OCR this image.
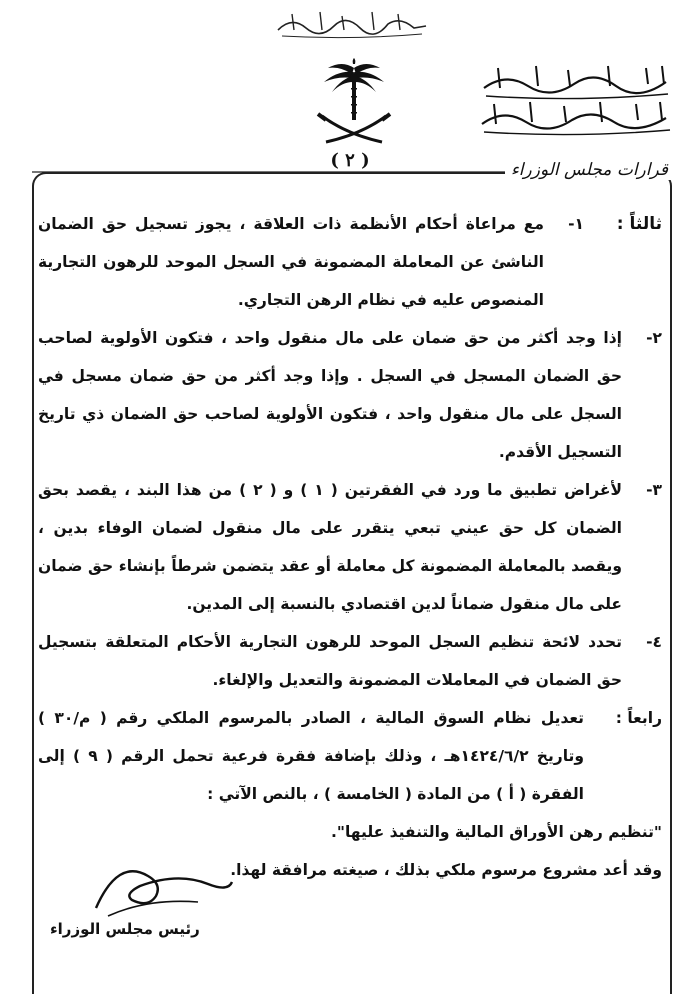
( ٢ )	قرارات مجلس الوزراء
ثالثاً :
١-
مع مراعاة أحكام الأنظمة ذات العلاقة ، يجوز تسجيل حق الضمان الناشئ عن المعاملة المضمونة في السجل الموحد للرهون التجارية المنصوص عليه في نظام الرهن التجاري.
٢-
إذا وجد أكثر من حق ضمان على مال منقول واحد ، فتكون الأولوية لصاحب حق الضمان المسجل في السجل . وإذا وجد أكثر من حق ضمان مسجل في السجل على مال منقول واحد ، فتكون الأولوية لصاحب حق الضمان ذي تاريخ التسجيل الأقدم.
٣-
لأغراض تطبيق ما ورد في الفقرتين ( ١ ) و ( ٢ ) من هذا البند ، يقصد بحق الضمان كل حق عيني تبعي يتقرر على مال منقول لضمان الوفاء بدين ، ويقصد بالمعاملة المضمونة كل معاملة أو عقد يتضمن شرطاً بإنشاء حق ضمان على مال منقول ضماناً لدين اقتصادي بالنسبة إلى المدين.
٤-
تحدد لائحة تنظيم السجل الموحد للرهون التجارية الأحكام المتعلقة بتسجيل حق الضمان في المعاملات المضمونة والتعديل والإلغاء.
رابعاً :
تعديل نظام السوق المالية ، الصادر بالمرسوم الملكي رقم ( م/٣٠ ) وتاريخ ١٤٢٤/٦/٢هـ ، وذلك بإضافة فقرة فرعية تحمل الرقم ( ٩ ) إلى الفقرة ( أ ) من المادة ( الخامسة ) ، بالنص الآتي :
"تنظيم رهن الأوراق المالية والتنفيذ عليها".
وقد أعد مشروع مرسوم ملكي بذلك ، صيغته مرافقة لهذا.
رئيس مجلس الوزراء
